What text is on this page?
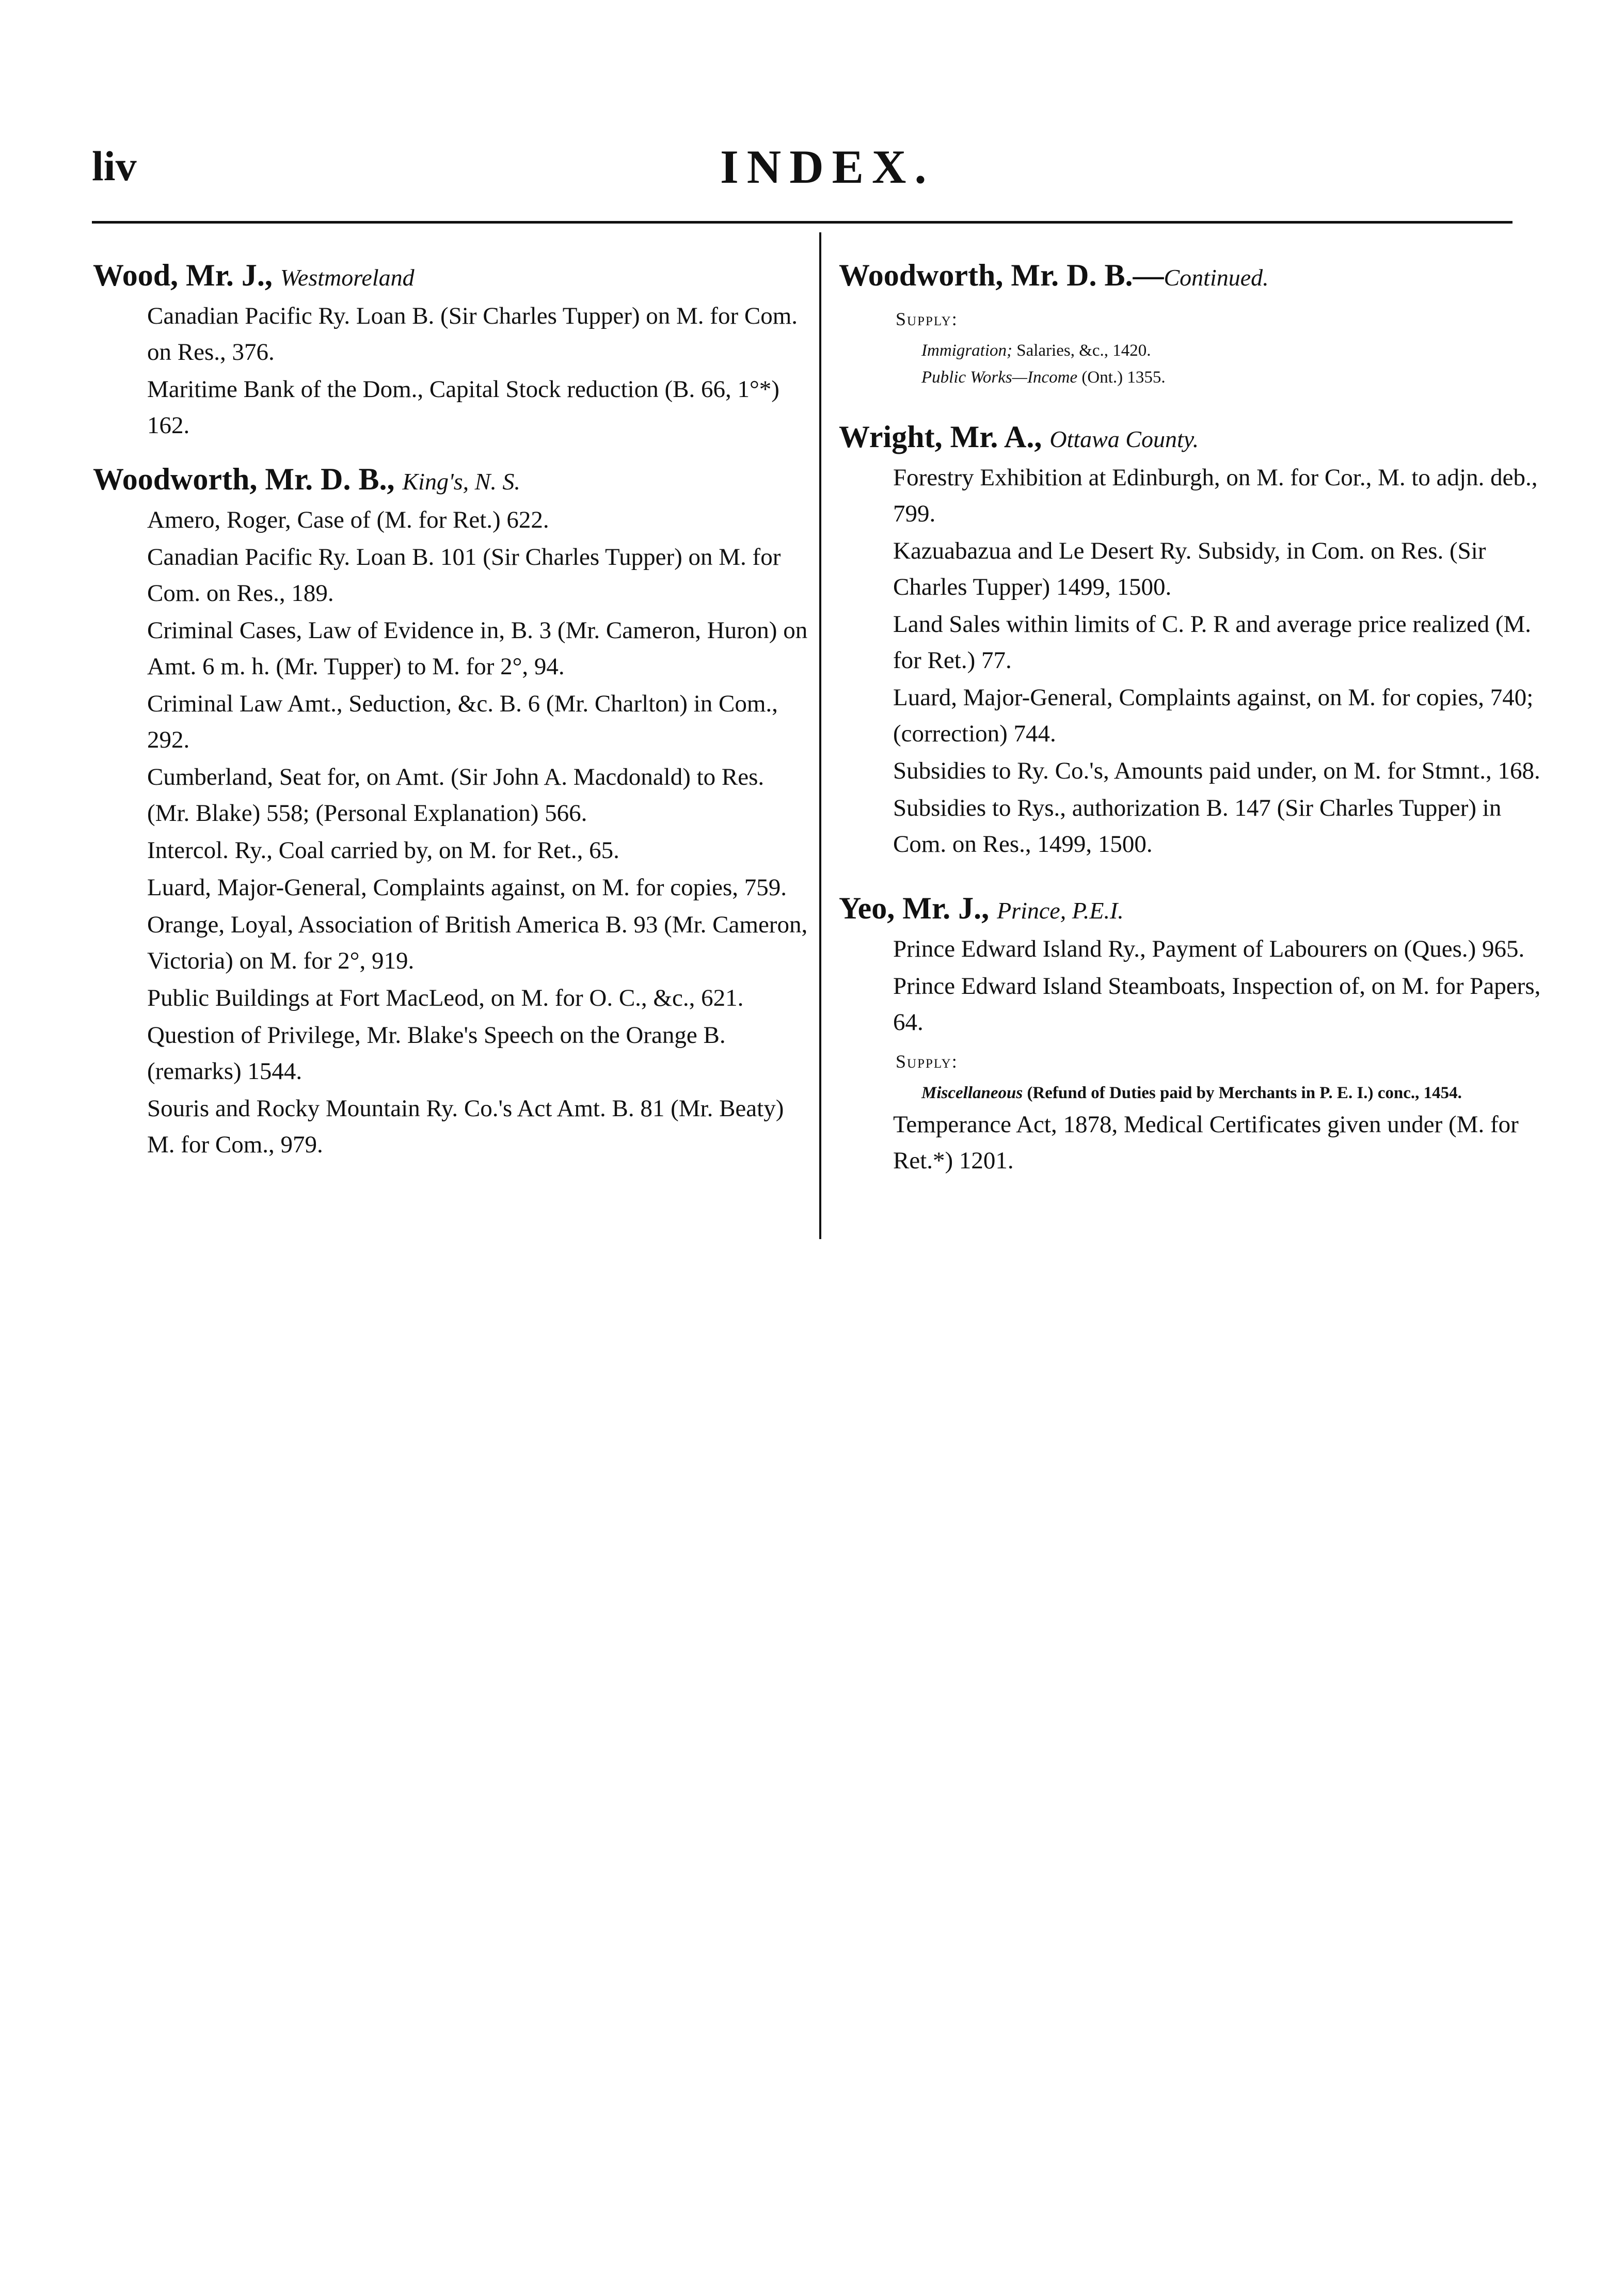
liv	INDEX.
Wood, Mr. J., Westmoreland
Canadian Pacific Ry. Loan B. (Sir Charles Tupper) on M. for Com. on Res., 376.
Maritime Bank of the Dom., Capital Stock reduction (B. 66, 1°*) 162.
Woodworth, Mr. D. B., King's, N. S.
Amero, Roger, Case of (M. for Ret.) 622.
Canadian Pacific Ry. Loan B. 101 (Sir Charles Tupper) on M. for Com. on Res., 189.
Criminal Cases, Law of Evidence in, B. 3 (Mr. Cameron, Huron) on Amt. 6 m. h. (Mr. Tupper) to M. for 2°, 94.
Criminal Law Amt., Seduction, &c. B. 6 (Mr. Charlton) in Com., 292.
Cumberland, Seat for, on Amt. (Sir John A. Macdonald) to Res. (Mr. Blake) 558; (Personal Explanation) 566.
Intercol. Ry., Coal carried by, on M. for Ret., 65.
Luard, Major-General, Complaints against, on M. for copies, 759.
Orange, Loyal, Association of British America B. 93 (Mr. Cameron, Victoria) on M. for 2°, 919.
Public Buildings at Fort MacLeod, on M. for O. C., &c., 621.
Question of Privilege, Mr. Blake's Speech on the Orange B. (remarks) 1544.
Souris and Rocky Mountain Ry. Co.'s Act Amt. B. 81 (Mr. Beaty) M. for Com., 979.
Woodworth, Mr. D. B.—Continued.
Supply:
Immigration; Salaries, &c., 1420.
Public Works—Income (Ont.) 1355.
Wright, Mr. A., Ottawa County.
Forestry Exhibition at Edinburgh, on M. for Cor., M. to adjn. deb., 799.
Kazuabazua and Le Desert Ry. Subsidy, in Com. on Res. (Sir Charles Tupper) 1499, 1500.
Land Sales within limits of C. P. R and average price realized (M. for Ret.) 77.
Luard, Major-General, Complaints against, on M. for copies, 740; (correction) 744.
Subsidies to Ry. Co.'s, Amounts paid under, on M. for Stmnt., 168.
Subsidies to Rys., authorization B. 147 (Sir Charles Tupper) in Com. on Res., 1499, 1500.
Yeo, Mr. J., Prince, P.E.I.
Prince Edward Island Ry., Payment of Labourers on (Ques.) 965.
Prince Edward Island Steamboats, Inspection of, on M. for Papers, 64.
Supply:
Miscellaneous (Refund of Duties paid by Merchants in P. E. I.) conc., 1454.
Temperance Act, 1878, Medical Certificates given under (M. for Ret.*) 1201.
